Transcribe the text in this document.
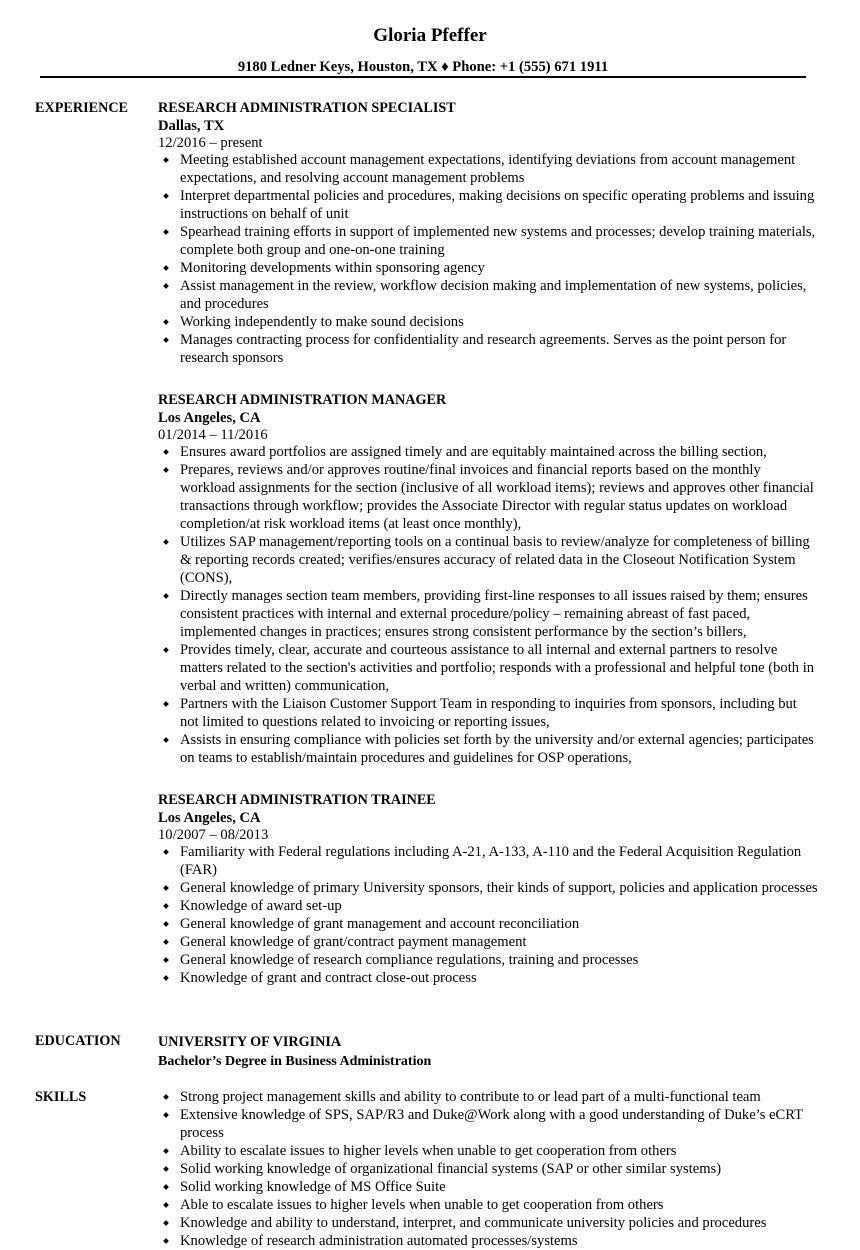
Gloria Pfeffer
9180 Ledner Keys, Houston, TX ♦ Phone: +1 (555) 671 1911
EXPERIENCE RESEARCH ADMINISTRATION SPECIALIST
Dallas, TX
12/2016 – present
Meeting established account management expectations, identifying deviations from account management expectations, and resolving account management problems
Interpret departmental policies and procedures, making decisions on specific operating problems and issuing instructions on behalf of unit
Spearhead training efforts in support of implemented new systems and processes; develop training materials, complete both group and one-on-one training
Monitoring developments within sponsoring agency
Assist management in the review, workflow decision making and implementation of new systems, policies, and procedures
Working independently to make sound decisions
Manages contracting process for confidentiality and research agreements. Serves as the point person for research sponsors
RESEARCH ADMINISTRATION MANAGER
Los Angeles, CA
01/2014 – 11/2016
Ensures award portfolios are assigned timely and are equitably maintained across the billing section,
Prepares, reviews and/or approves routine/final invoices and financial reports based on the monthly workload assignments for the section (inclusive of all workload items); reviews and approves other financial transactions through workflow; provides the Associate Director with regular status updates on workload completion/at risk workload items (at least once monthly),
Utilizes SAP management/reporting tools on a continual basis to review/analyze for completeness of billing & reporting records created; verifies/ensures accuracy of related data in the Closeout Notification System (CONS),
Directly manages section team members, providing first-line responses to all issues raised by them; ensures consistent practices with internal and external procedure/policy – remaining abreast of fast paced, implemented changes in practices; ensures strong consistent performance by the section’s billers,
Provides timely, clear, accurate and courteous assistance to all internal and external partners to resolve matters related to the section's activities and portfolio; responds with a professional and helpful tone (both in verbal and written) communication,
Partners with the Liaison Customer Support Team in responding to inquiries from sponsors, including but not limited to questions related to invoicing or reporting issues,
Assists in ensuring compliance with policies set forth by the university and/or external agencies; participates on teams to establish/maintain procedures and guidelines for OSP operations,
RESEARCH ADMINISTRATION TRAINEE
Los Angeles, CA
10/2007 – 08/2013
Familiarity with Federal regulations including A-21, A-133, A-110 and the Federal Acquisition Regulation (FAR)
General knowledge of primary University sponsors, their kinds of support, policies and application processes
Knowledge of award set-up
General knowledge of grant management and account reconciliation
General knowledge of grant/contract payment management
General knowledge of research compliance regulations, training and processes
Knowledge of grant and contract close-out process
EDUCATION	UNIVERSITY OF VIRGINIA
Bachelor’s Degree in Business Administration
SKILLS	Strong project management skills and ability to contribute to or lead part of a multi-functional team
Extensive knowledge of SPS, SAP/R3 and Duke@Work along with a good understanding of Duke’s eCRT process
Ability to escalate issues to higher levels when unable to get cooperation from others
Solid working knowledge of organizational financial systems (SAP or other similar systems)
Solid working knowledge of MS Office Suite
Able to escalate issues to higher levels when unable to get cooperation from others
Knowledge and ability to understand, interpret, and communicate university policies and procedures
Knowledge of research administration automated processes/systems
